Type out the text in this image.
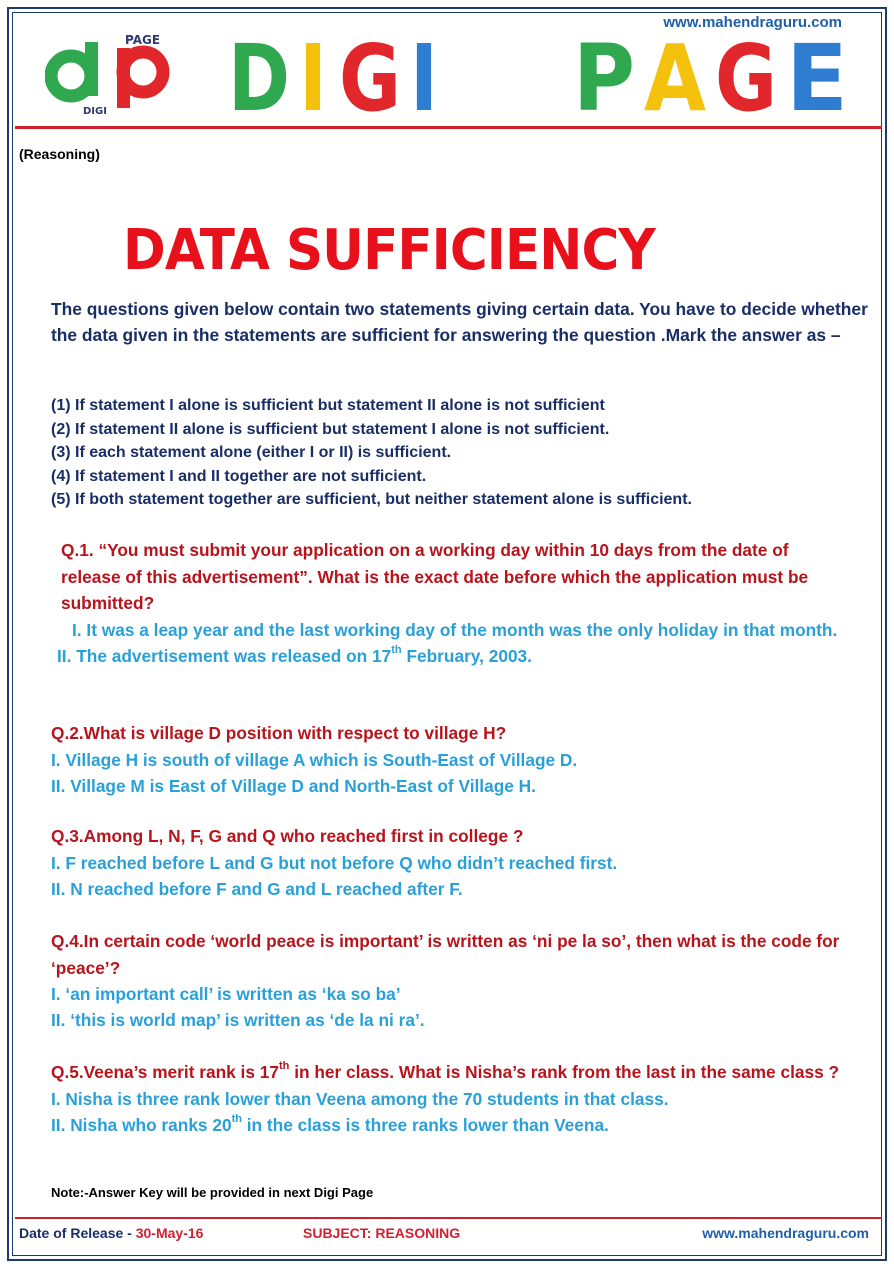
www.mahendraguru.com
PAGE
DIGI D I G I P A G E
(Reasoning)
DATA SUFFICIENCY
The questions given below contain two statements giving certain data. You have to decide whether the data given in the statements are sufficient for answering the question .Mark the answer as –
(1) If statement I alone is sufficient but statement II alone is not sufficient
(2) If statement II alone is sufficient but statement I alone is not sufficient.
(3) If each statement alone (either I or II) is sufficient.
(4) If statement I and II together are not sufficient.
(5) If both statement together are sufficient, but neither statement alone is sufficient.
Q.1. “You must submit your application on a working day within 10 days from the date of release of this advertisement”. What is the exact date before which the application must be submitted?
I. It was a leap year and the last working day of the month was the only holiday in that month.
II. The advertisement was released on 17th February, 2003.
Q.2.What is village D position with respect to village H?
I. Village H is south of village A which is South-East of Village D.
II. Village M is East of Village D and North-East of Village H.
Q.3.Among L, N, F, G and Q who reached first in college ?
I. F reached before L and G but not before Q who didn’t reached first.
II. N reached before F and G and L reached after F.
Q.4.In certain code ‘world peace is important’ is written as ‘ni pe la so’, then what is the code for ‘peace’?
I. ‘an important call’ is written as ‘ka so ba’
II. ‘this is world map’ is written as ‘de la ni ra’.
Q.5.Veena’s merit rank is 17th in her class. What is Nisha’s rank from the last in the same class ?
I. Nisha is three rank lower than Veena among the 70 students in that class.
II. Nisha who ranks 20th in the class is three ranks lower than Veena.
Note:-Answer Key will be provided in next Digi Page
Date of Release - 30-May-16	SUBJECT: REASONING	www.mahendraguru.com
